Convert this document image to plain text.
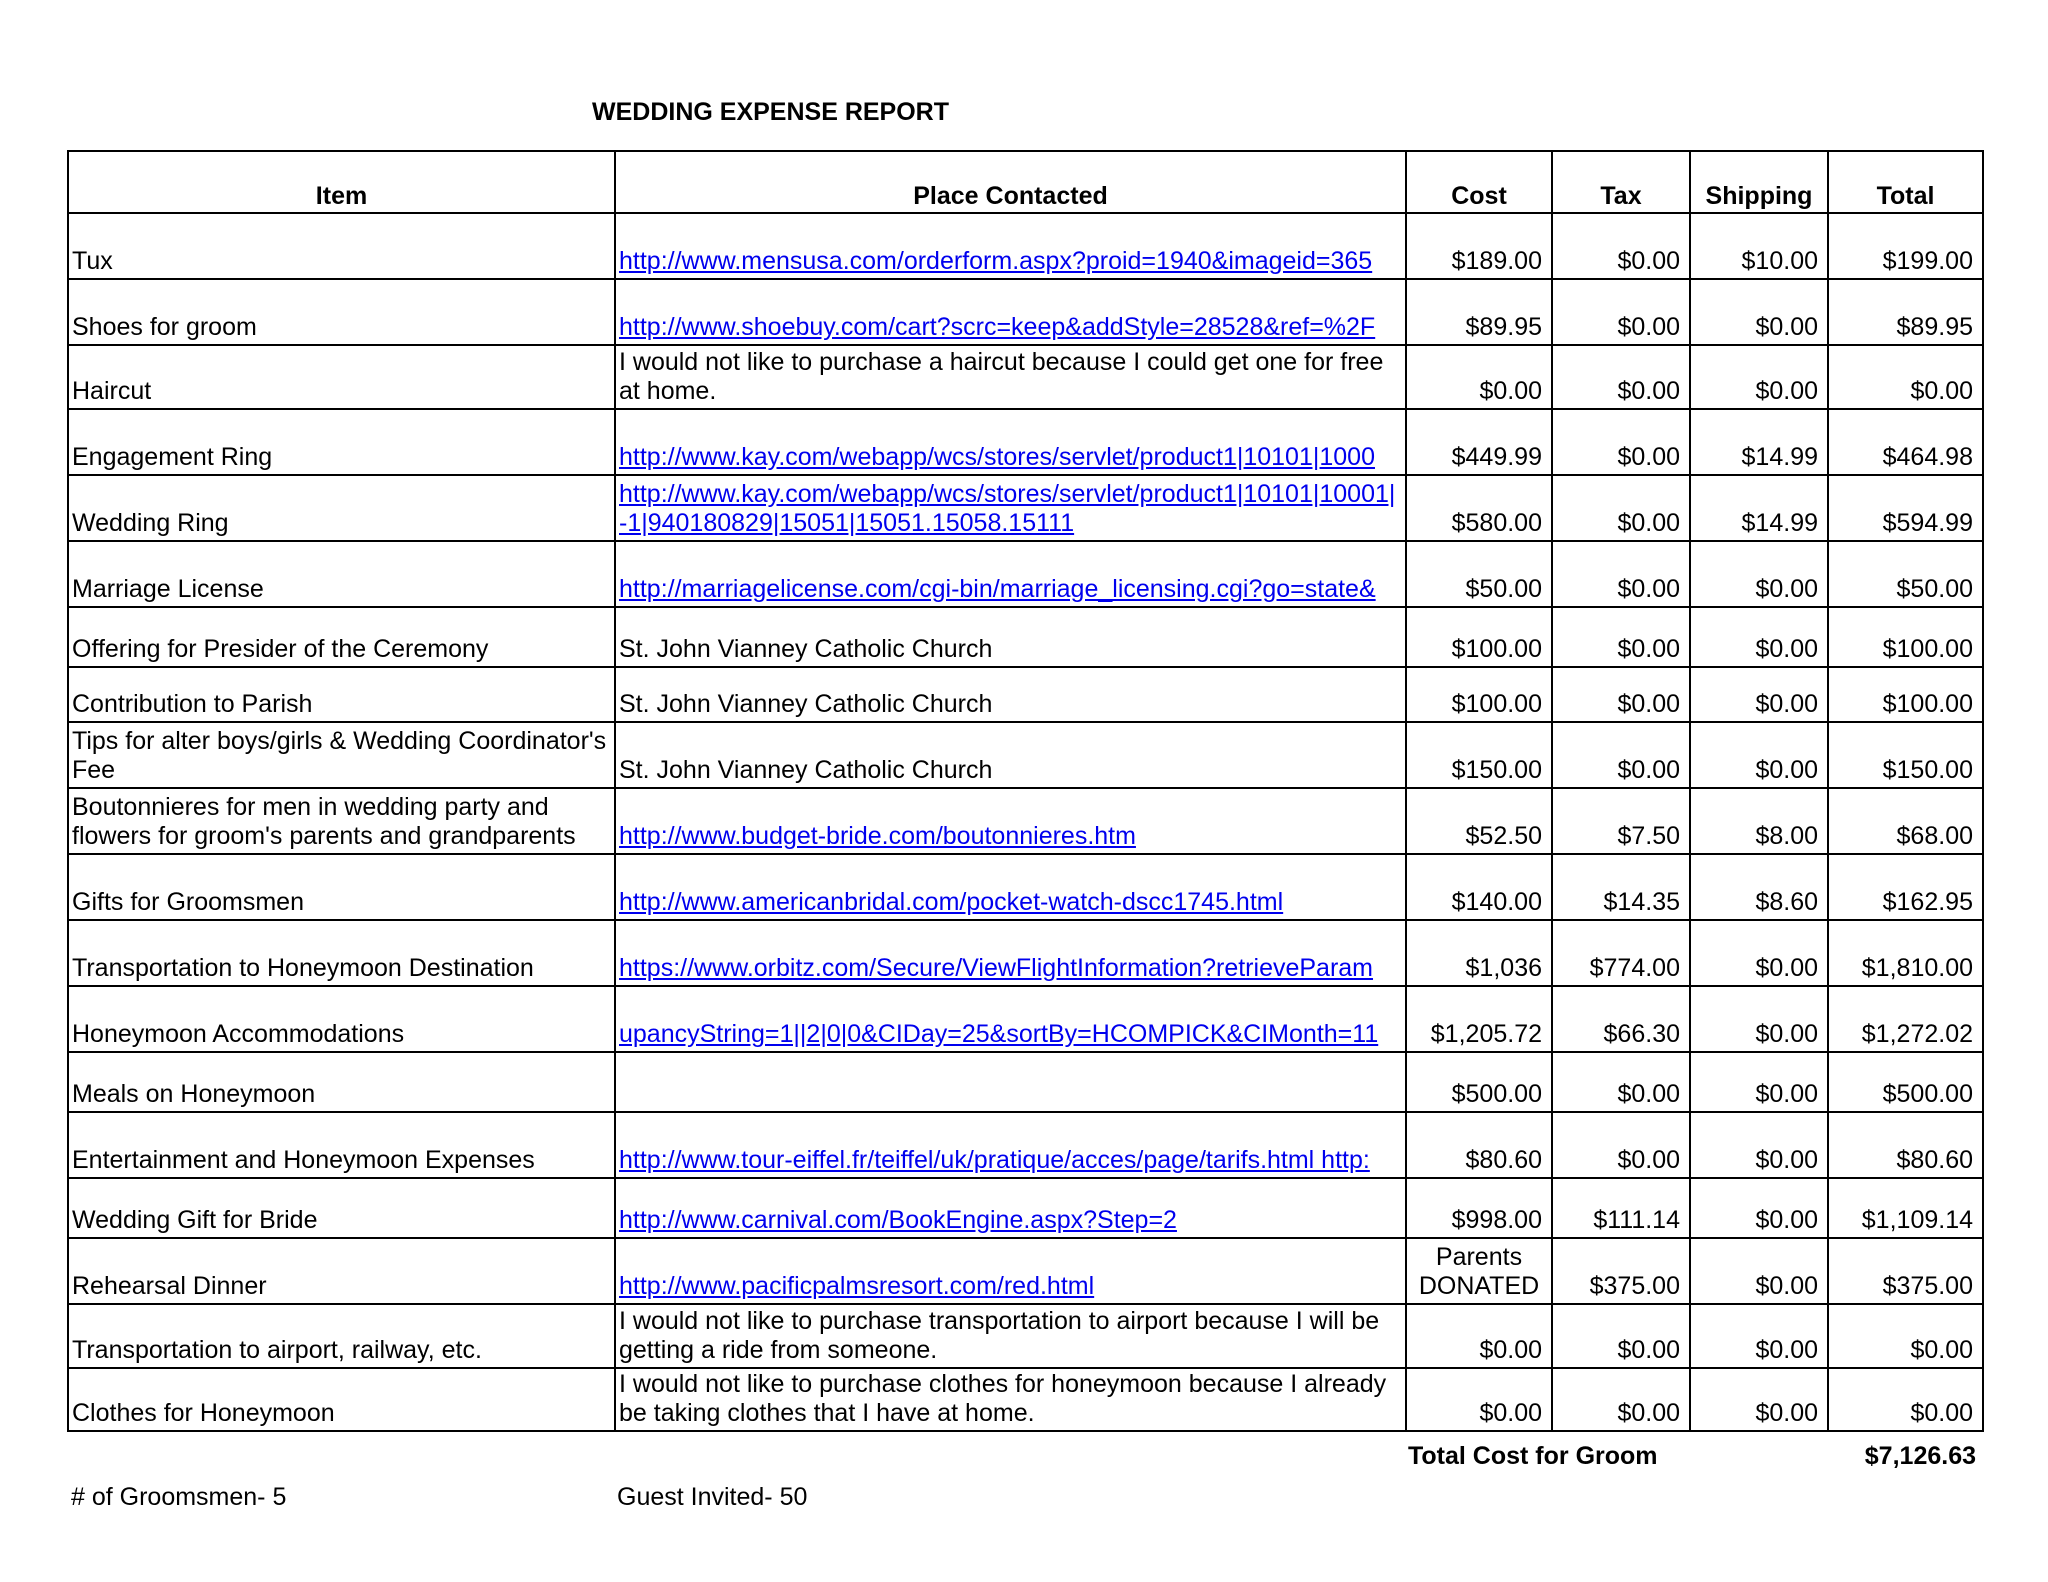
WEDDING EXPENSE REPORT
Item	Place Contacted	Cost	Tax	Shipping	Total
Tux	http://www.mensusa.com/orderform.aspx?proid=1940&imageid=365	$189.00	$0.00	$10.00	$199.00
Shoes for groom	http://www.shoebuy.com/cart?scrc=keep&addStyle=28528&ref=%2F	$89.95	$0.00	$0.00	$89.95
Haircut	I would not like to purchase a haircut because I could get one for free at home.	$0.00	$0.00	$0.00	$0.00
Engagement Ring	http://www.kay.com/webapp/wcs/stores/servlet/product1|10101|1000	$449.99	$0.00	$14.99	$464.98
Wedding Ring	http://www.kay.com/webapp/wcs/stores/servlet/product1|10101|10001|-1|940180829|15051|15051.15058.15111	$580.00	$0.00	$14.99	$594.99
Marriage License	http://marriagelicense.com/cgi-bin/marriage_licensing.cgi?go=state&	$50.00	$0.00	$0.00	$50.00
Offering for Presider of the Ceremony	St. John Vianney Catholic Church	$100.00	$0.00	$0.00	$100.00
Contribution to Parish	St. John Vianney Catholic Church	$100.00	$0.00	$0.00	$100.00
Tips for alter boys/girls & Wedding Coordinator's Fee	St. John Vianney Catholic Church	$150.00	$0.00	$0.00	$150.00
Boutonnieres for men in wedding party and flowers for groom's parents and grandparents	http://www.budget-bride.com/boutonnieres.htm	$52.50	$7.50	$8.00	$68.00
Gifts for Groomsmen	http://www.americanbridal.com/pocket-watch-dscc1745.html	$140.00	$14.35	$8.60	$162.95
Transportation to Honeymoon Destination	https://www.orbitz.com/Secure/ViewFlightInformation?retrieveParam	$1,036	$774.00	$0.00	$1,810.00
Honeymoon Accommodations	upancyString=1||2|0|0&CIDay=25&sortBy=HCOMPICK&CIMonth=11	$1,205.72	$66.30	$0.00	$1,272.02
Meals on Honeymoon		$500.00	$0.00	$0.00	$500.00
Entertainment and Honeymoon Expenses	http://www.tour-eiffel.fr/teiffel/uk/pratique/acces/page/tarifs.html http:	$80.60	$0.00	$0.00	$80.60
Wedding Gift for Bride	http://www.carnival.com/BookEngine.aspx?Step=2	$998.00	$111.14	$0.00	$1,109.14
Rehearsal Dinner	http://www.pacificpalmsresort.com/red.html	Parents DONATED	$375.00	$0.00	$375.00
Transportation to airport, railway, etc.	I would not like to purchase transportation to airport because I will be getting a ride from someone.	$0.00	$0.00	$0.00	$0.00
Clothes for Honeymoon	I would not like to purchase clothes for honeymoon because I already be taking clothes that I have at home.	$0.00	$0.00	$0.00	$0.00
Total Cost for Groom	$7,126.63
# of Groomsmen- 5	Guest Invited- 50
